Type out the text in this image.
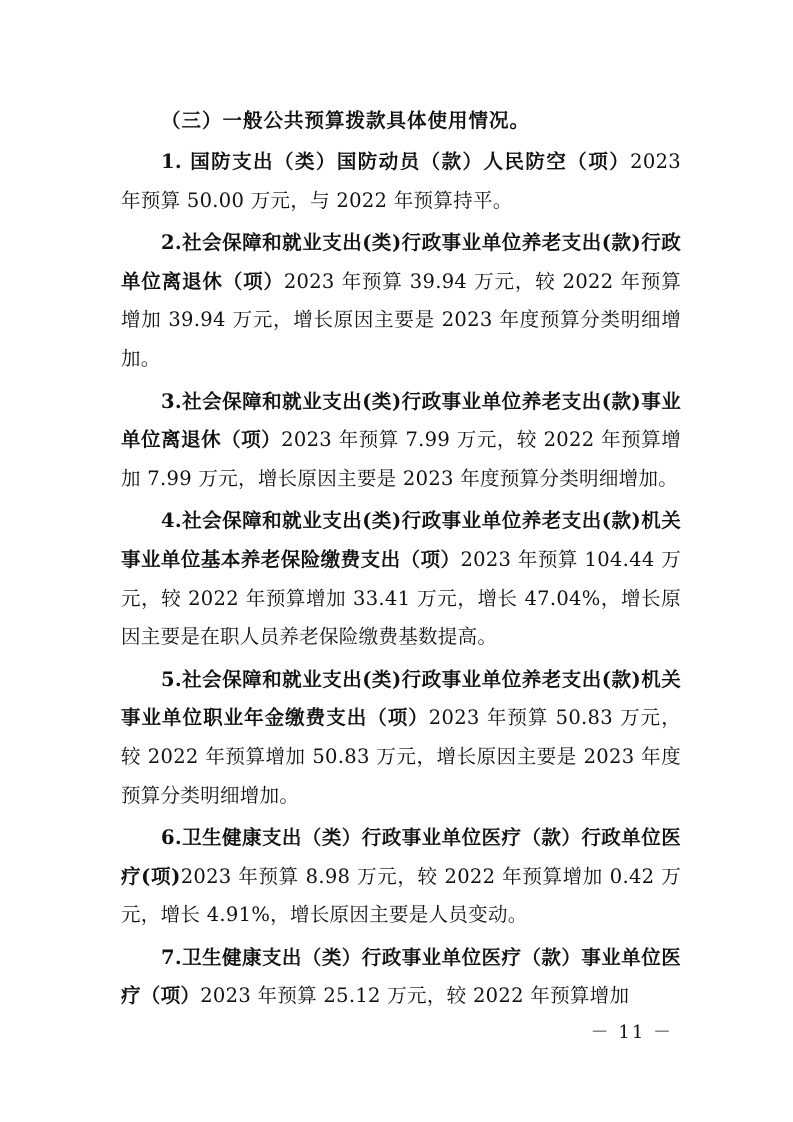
（三）一般公共预算拨款具体使用情况。

1. 国防支出（类）国防动员（款）人民防空（项）2023 年预算 50.00 万元，与 2022 年预算持平。

2.社会保障和就业支出(类)行政事业单位养老支出(款)行政单位离退休（项）2023 年预算 39.94 万元，较 2022 年预算增加 39.94 万元，增长原因主要是 2023 年度预算分类明细增加。

3.社会保障和就业支出(类)行政事业单位养老支出(款)事业单位离退休（项）2023 年预算 7.99 万元，较 2022 年预算增加 7.99 万元，增长原因主要是 2023 年度预算分类明细增加。

4.社会保障和就业支出(类)行政事业单位养老支出(款)机关事业单位基本养老保险缴费支出（项）2023 年预算 104.44 万元，较 2022 年预算增加 33.41 万元，增长 47.04%，增长原因主要是在职人员养老保险缴费基数提高。

5.社会保障和就业支出(类)行政事业单位养老支出(款)机关事业单位职业年金缴费支出（项）2023 年预算 50.83 万元，较 2022 年预算增加 50.83 万元，增长原因主要是 2023 年度预算分类明细增加。

6.卫生健康支出（类）行政事业单位医疗（款）行政单位医疗(项)2023 年预算 8.98 万元，较 2022 年预算增加 0.42 万元，增长 4.91%，增长原因主要是人员变动。

7.卫生健康支出（类）行政事业单位医疗（款）事业单位医疗（项）2023 年预算 25.12 万元，较 2022 年预算增加

－ 11 －
